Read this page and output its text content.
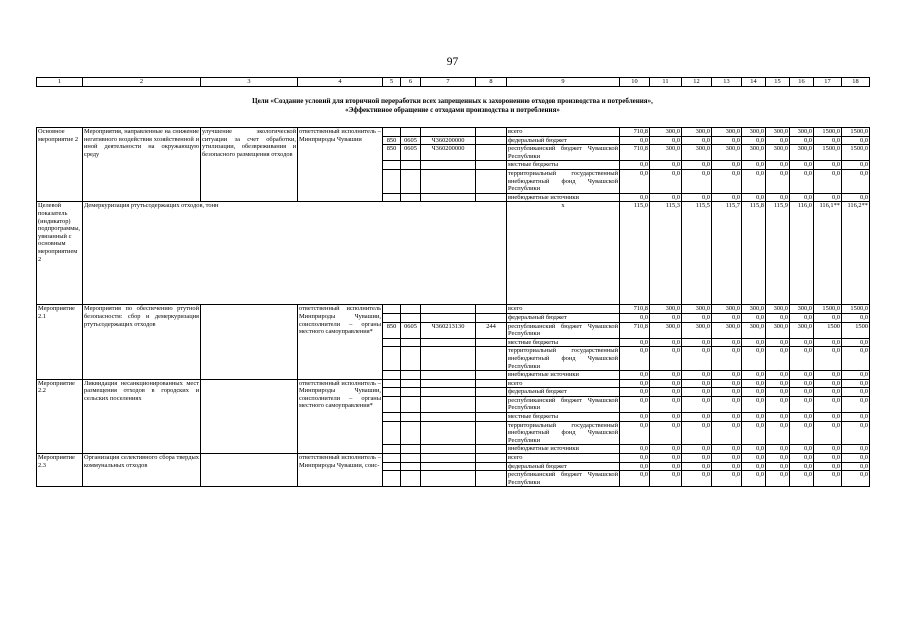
97
1	2	3	4	5	6	7	8	9	10	11	12	13	14	15	16	17	18

Основное мероприятие 2	Мероприятия, направленные на снижение негативного воздействия хозяйственной и иной деятельности на окружающую среду	улучшение экологической ситуации за счет обработки, утилизации, обезвреживания и безопасного размещения отходов	ответственный исполнитель – Минприроды Чувашии					всего	710,8	300,0	300,0	300,0	300,0	300,0	300,0	1500,0	1500,0
				850	0605	Ч360200000		федеральный бюджет	0,0	0,0	0,0	0,0	0,0	0,0	0,0	0,0	0,0
				850	0605	Ч360200000		республиканский бюджет Чувашской Республики	710,8	300,0	300,0	300,0	300,0	300,0	300,0	1500,0	1500,0
								местные бюджеты	0,0	0,0	0,0	0,0	0,0	0,0	0,0	0,0	0,0
								территориальный государственный внебюджетный фонд Чувашской Республики	0,0	0,0	0,0	0,0	0,0	0,0	0,0	0,0	0,0
								внебюджетные источники	0,0	0,0	0,0	0,0	0,0	0,0	0,0	0,0	0,0
Целевой показатель (индикатор) подпрограммы, увязанный с основным мероприятием 2	Демеркуризация ртутьсодержащих отходов, тонн							x	115,0	115,3	115,5	115,7	115,8	115,9	116,0	116,1**	116,2**
Мероприятие 2.1	Мероприятия по обеспечению ртутной безопасности: сбор и демеркуризация ртутьсодержащих отходов		ответственный исполнитель Минприроды Чувашии, соисполнители – органы местного самоуправления*					всего	710,8	300,0	300,0	300,0	300,0	300,0	300,0	1500,0	1500,0
								федеральный бюджет	0,0	0,0	0,0	0,0	0,0	0,0	0,0	0,0	0,0
				850	0605	Ч360213130	244	республиканский бюджет Чувашской Республики	710,8	300,0	300,0	300,0	300,0	300,0	300,0	1500	1500
								местные бюджеты	0,0	0,0	0,0	0,0	0,0	0,0	0,0	0,0	0,0
								территориальный государственный внебюджетный фонд Чувашской Республики	0,0	0,0	0,0	0,0	0,0	0,0	0,0	0,0	0,0
								внебюджетные источники	0,0	0,0	0,0	0,0	0,0	0,0	0,0	0,0	0,0
Мероприятие 2.2	Ликвидация несанкционированных мест размещения отходов в городских и сельских поселениях		ответственный исполнитель – Минприроды Чувашии, соисполнители – органы местного самоуправления*					всего	0,0	0,0	0,0	0,0	0,0	0,0	0,0	0,0	0,0
								федеральный бюджет	0,0	0,0	0,0	0,0	0,0	0,0	0,0	0,0	0,0
								республиканский бюджет Чувашской Республики	0,0	0,0	0,0	0,0	0,0	0,0	0,0	0,0	0,0
								местные бюджеты	0,0	0,0	0,0	0,0	0,0	0,0	0,0	0,0	0,0
								территориальный государственный внебюджетный фонд Чувашской Республики	0,0	0,0	0,0	0,0	0,0	0,0	0,0	0,0	0,0
								внебюджетные источники	0,0	0,0	0,0	0,0	0,0	0,0	0,0	0,0	0,0
Мероприятие 2.3	Организация селективного сбора твердых коммунальных отходов		ответственный исполнитель – Минприроды Чувашии, соис-					всего	0,0	0,0	0,0	0,0	0,0	0,0	0,0	0,0	0,0
								федеральный бюджет	0,0	0,0	0,0	0,0	0,0	0,0	0,0	0,0	0,0
								республиканский бюджет Чувашской Республики	0,0	0,0	0,0	0,0	0,0	0,0	0,0	0,0	0,0
Цели «Создание условий для вторичной переработки всех запрещенных к захоронению отходов производства и потребления»,
«Эффективное обращение с отходами производства и потребления»
